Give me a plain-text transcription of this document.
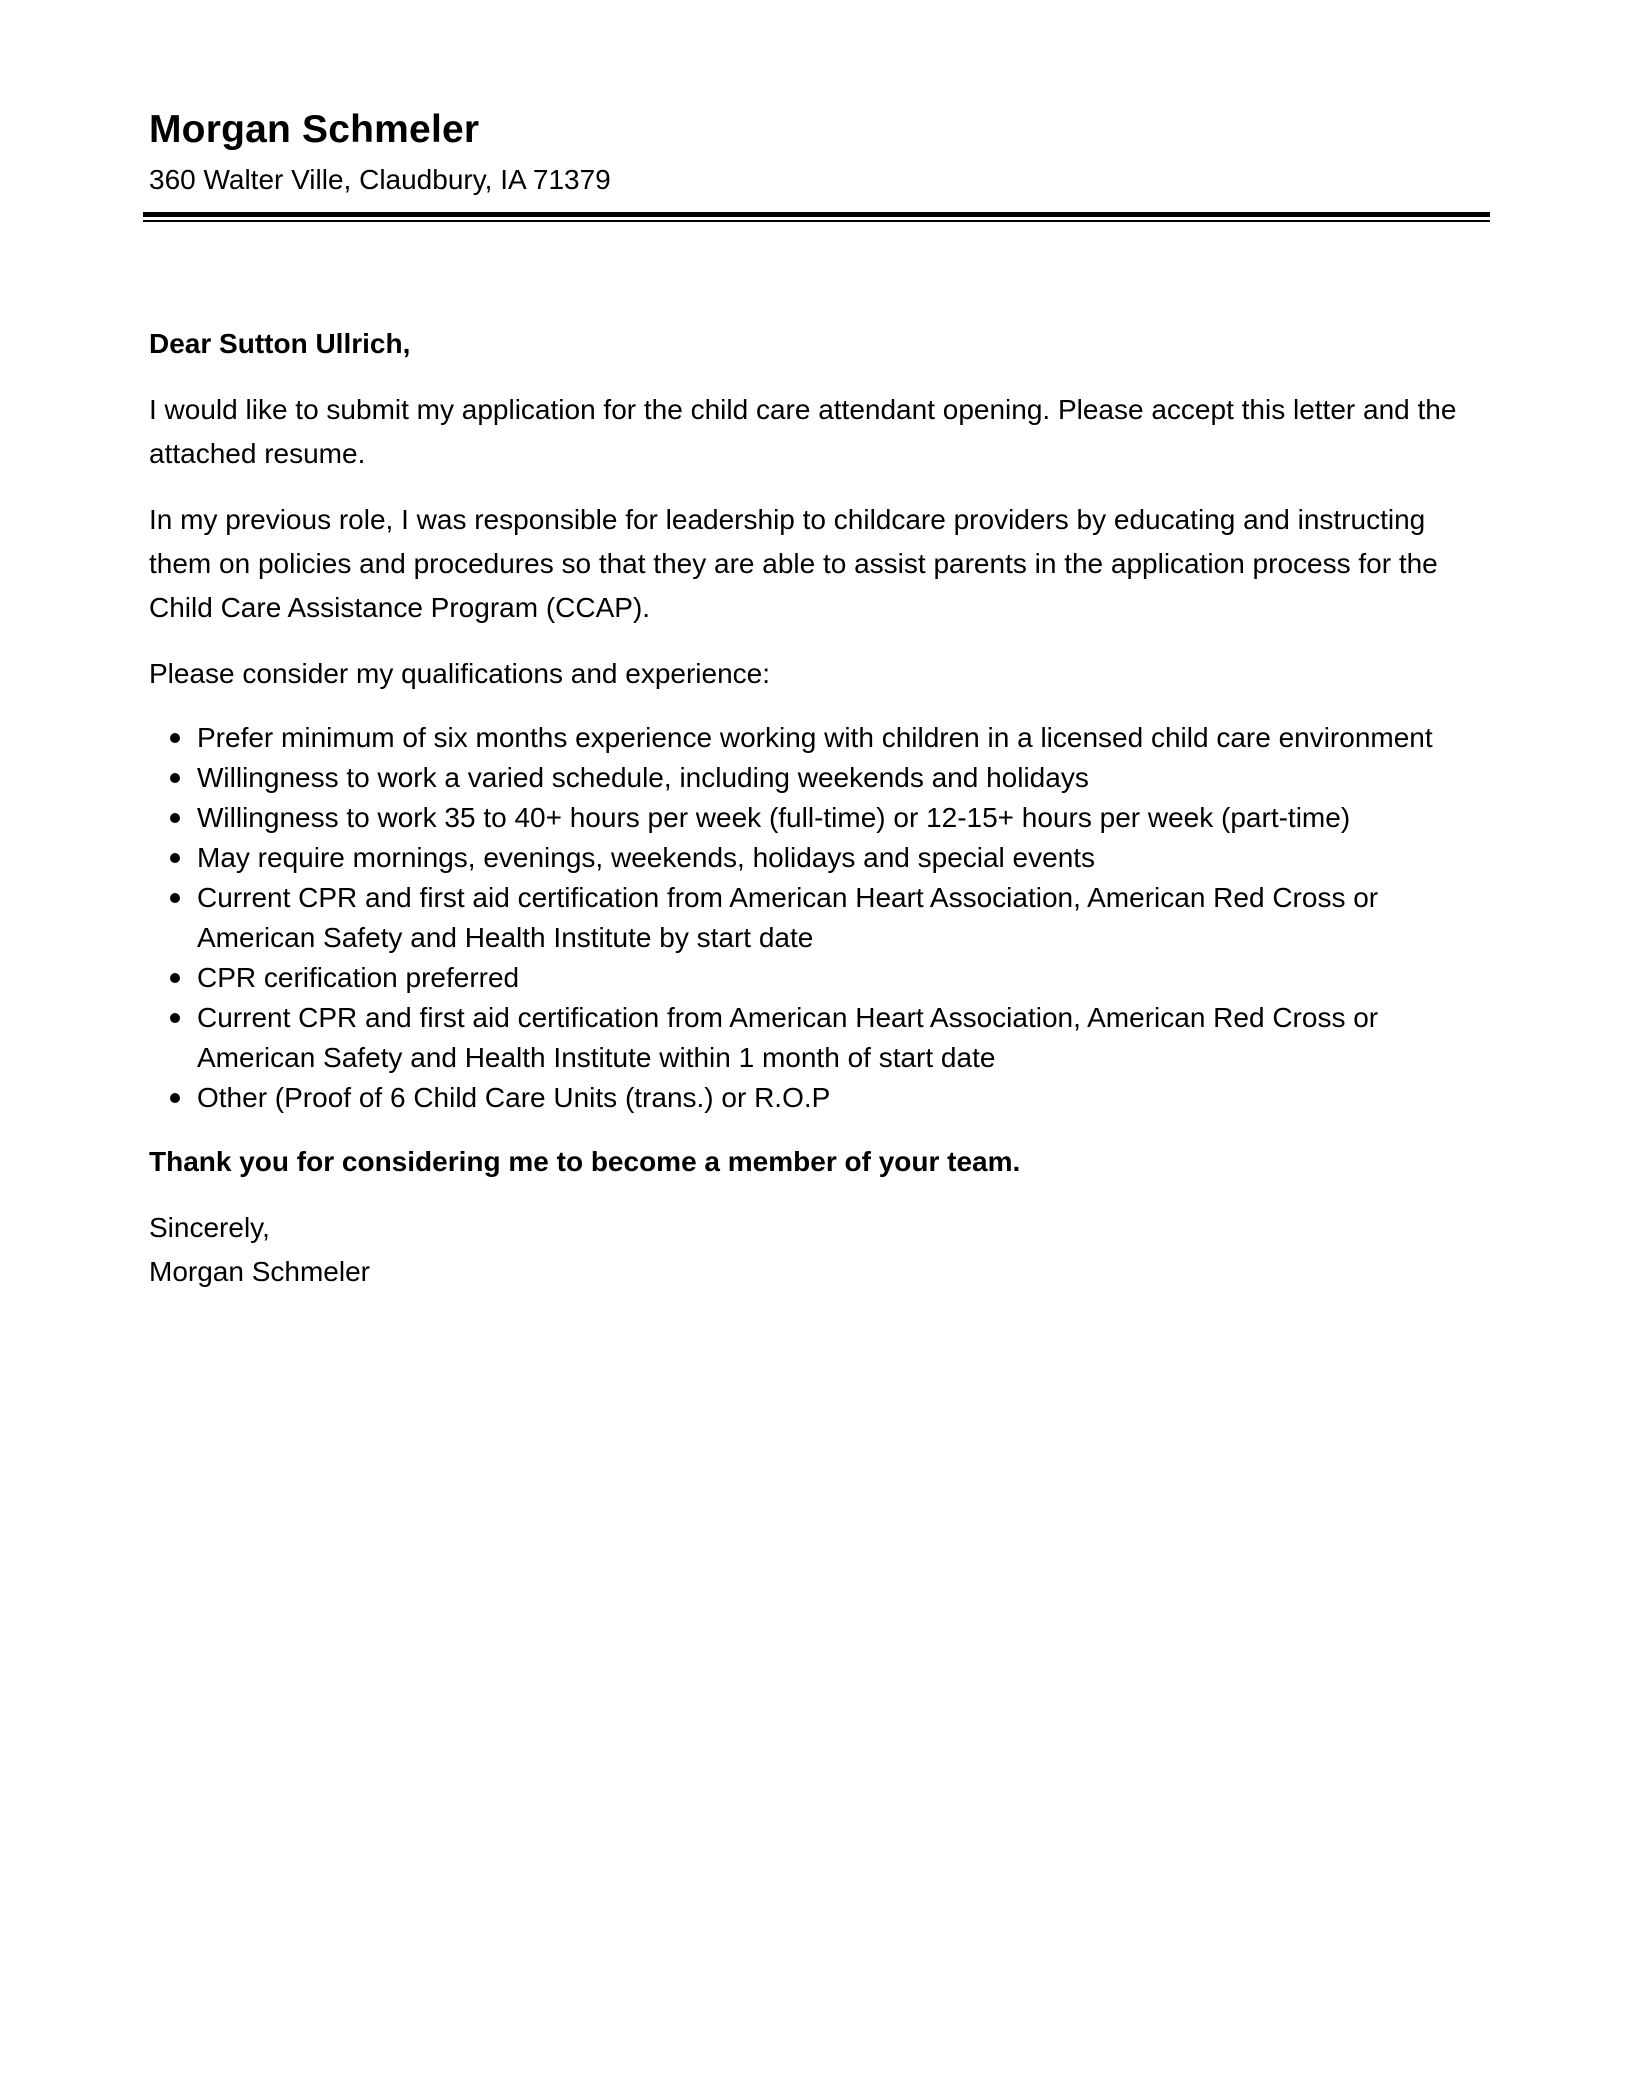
Morgan Schmeler
360 Walter Ville, Claudbury, IA 71379

Dear Sutton Ullrich,

I would like to submit my application for the child care attendant opening. Please accept this letter and the attached resume.

In my previous role, I was responsible for leadership to childcare providers by educating and instructing them on policies and procedures so that they are able to assist parents in the application process for the Child Care Assistance Program (CCAP).

Please consider my qualifications and experience:

Prefer minimum of six months experience working with children in a licensed child care environment
Willingness to work a varied schedule, including weekends and holidays
Willingness to work 35 to 40+ hours per week (full-time) or 12-15+ hours per week (part-time)
May require mornings, evenings, weekends, holidays and special events
Current CPR and first aid certification from American Heart Association, American Red Cross or American Safety and Health Institute by start date
CPR cerification preferred
Current CPR and first aid certification from American Heart Association, American Red Cross or American Safety and Health Institute within 1 month of start date
Other (Proof of 6 Child Care Units (trans.) or R.O.P

Thank you for considering me to become a member of your team.

Sincerely,

Morgan Schmeler
